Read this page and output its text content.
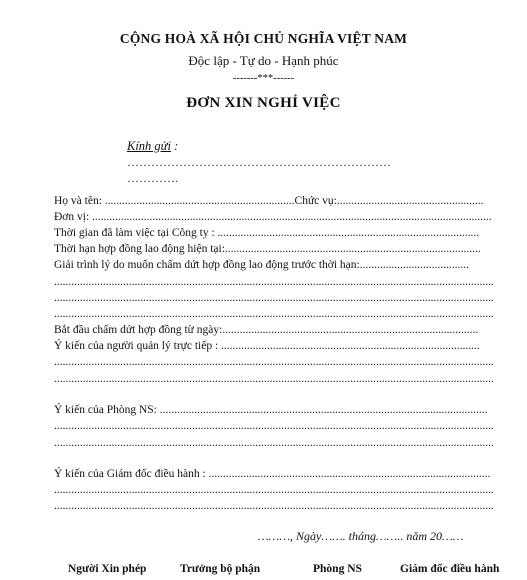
CỘNG HOÀ XÃ HỘI CHỦ NGHĨA VIỆT NAM
Độc lập - Tự do - Hạnh phúc
-------***------
ĐƠN XIN NGHỈ VIỆC
Kính gửi :
…………………………………………………………
………….
Họ và tên: ..................................................................Chức vụ:...................................................
Đơn vị: ...........................................................................................................................................
Thời gian đã làm việc tại Công ty : ...........................................................................................
Thời hạn hợp đồng lao động hiện tại:.........................................................................................
Giải trình lý do muốn chấm dứt hợp đồng lao động trước thời hạn:......................................
.........................................................................................................................................................
.........................................................................................................................................................
.........................................................................................................................................................
Bắt đầu chấm dứt hợp đồng từ ngày:.........................................................................................
Ý kiến của người quản lý trực tiếp : ..........................................................................................
.........................................................................................................................................................
.........................................................................................................................................................
Ý kiến của Phòng NS: ..................................................................................................................
.........................................................................................................................................................
.........................................................................................................................................................
Ý kiến của Giám đốc điều hành : ..................................................................................................
.........................................................................................................................................................
.........................................................................................................................................................
………, Ngày……. tháng…….. năm 20……
Người Xin phép	Trưởng bộ phận	Phòng NS	Giám đốc điều hành
